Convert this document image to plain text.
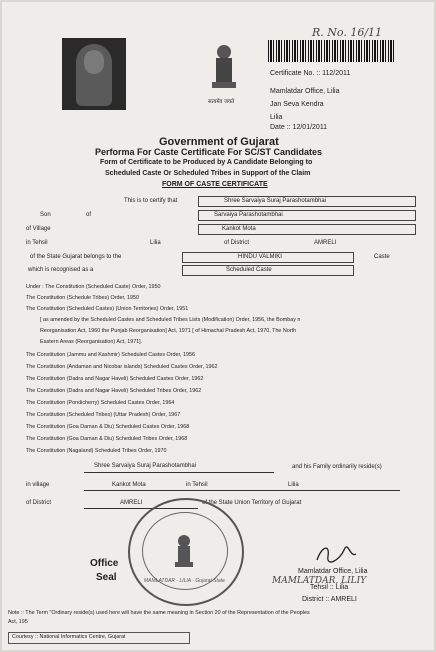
सत्यमेव जयते
R. No. 16/11
Certificate No. :: 112/2011
Mamlatdar Office, Lilia
Jan Seva Kendra
Lilia
Date :: 12/01/2011
Government of Gujarat
Performa For Caste Certificate For SC/ST Candidates
Form of Certificate to be Produced by A Candidate Belonging to
Scheduled Caste Or Scheduled Tribes in Support of the Claim
FORM OF CASTE CERTIFICATE
This is to certify that	Shree Sarvaiya Suraj Parashotambhai
Son	of	Sarvaiya Parashotambhai
of Village	Kankot Mota
in Tehsil	Lilia	of District	AMRELI
of the State Gujarat belongs to the	HINDU VALMIKI	Caste
which is recognised as a	Scheduled Caste
Under : The Constitution (Scheduled Caste) Order, 1950
The Constitution (Schedule Tribes) Order, 1950
The Constitution (Scheduled Castes) (Union Territories) Order, 1951
[ as amended by the Scheduled Castes and Scheduled Tribes Lists (Modification) Order, 1956, the Bombay n
Reorganisation Act, 1960 the Punjab Reorganisation] Act, 1971 [ of Himachal Pradesh Act, 1970, The North
Eastern Areas (Reorganisation) Act, 1971].
The Constitution (Jammu and Kashmir) Scheduled Castes Order, 1956
The Constitution (Andaman and Nicobar islands) Scheduled Castes Order, 1962
The Constitution (Dadra and Nagar Haveli) Scheduled Castes Order, 1962
The Constitution (Dadra and Nagar Haveli) Scheduled Tribes Order, 1962
The Constitution (Pondicherry) Scheduled Castes Order, 1964
The Constitution (Scheduled Tribes) (Uttar Pradesh) Order, 1967
The Constitution (Goa Daman & Diu) Scheduled Castes Order, 1968
The Constitution (Goa Daman & Diu) Scheduled Tribes Order, 1968
The Constitution (Nagaland) Scheduled Tribes Order, 1970
Shree Sarvaiya Suraj Parashotambhai	and his Family ordinarily reside(s)
in village	Kankot Mota	in Tehsil	Lilia
of District	AMRELI	of the State Union Territory of Gujarat
MAMLATDAR · LILIA · Gujarat State
Office
Seal
Mamlatdar Office, Lilia
MAMLATDAR, LILIY
Tehsil :: Lilia
District :: AMRELI
Note :: The Term "Ordinary reside(s) used here will have the same meaning in Section 20 of the Representation of the Peoples
Act, 195
Courtesy :: National Informatics Centre, Gujarat
